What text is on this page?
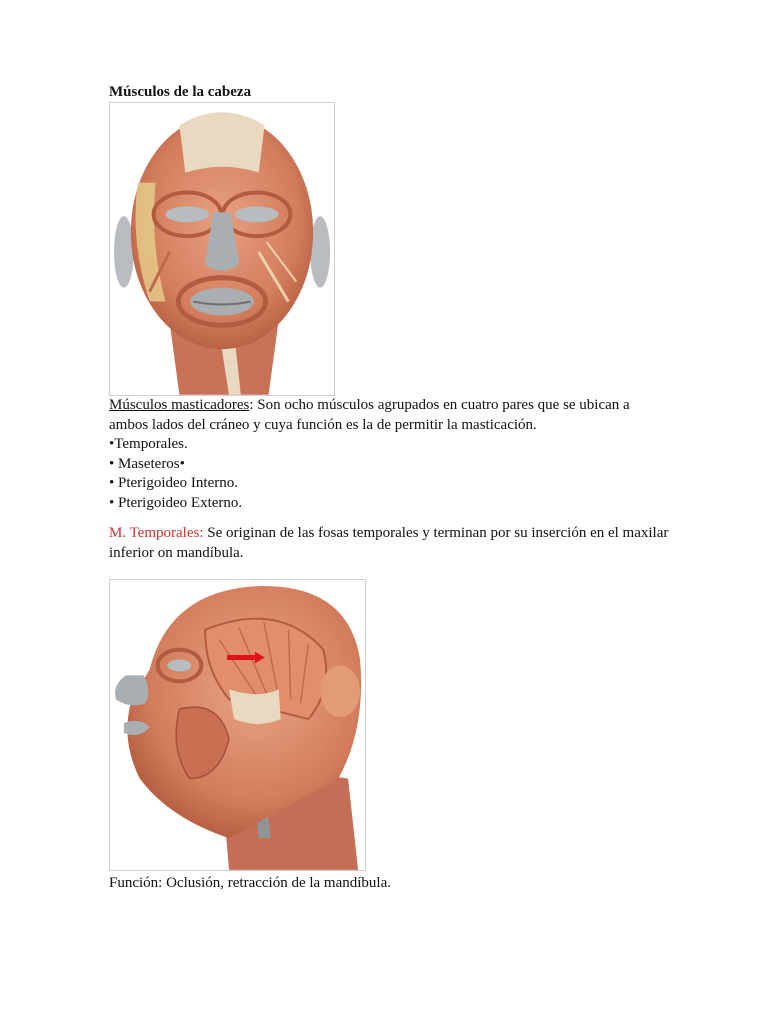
Músculos de la cabeza

Músculos masticadores: Son ocho músculos agrupados en cuatro pares que se ubican a ambos lados del cráneo y cuya función es la de permitir la masticación.

•Temporales.

• Maseteros•

• Pterigoideo Interno.

• Pterigoideo Externo.

M. Temporales: Se originan de las fosas temporales y terminan por su inserción en el maxilar inferior on mandíbula.

Función: Oclusión, retracción de la mandíbula.
